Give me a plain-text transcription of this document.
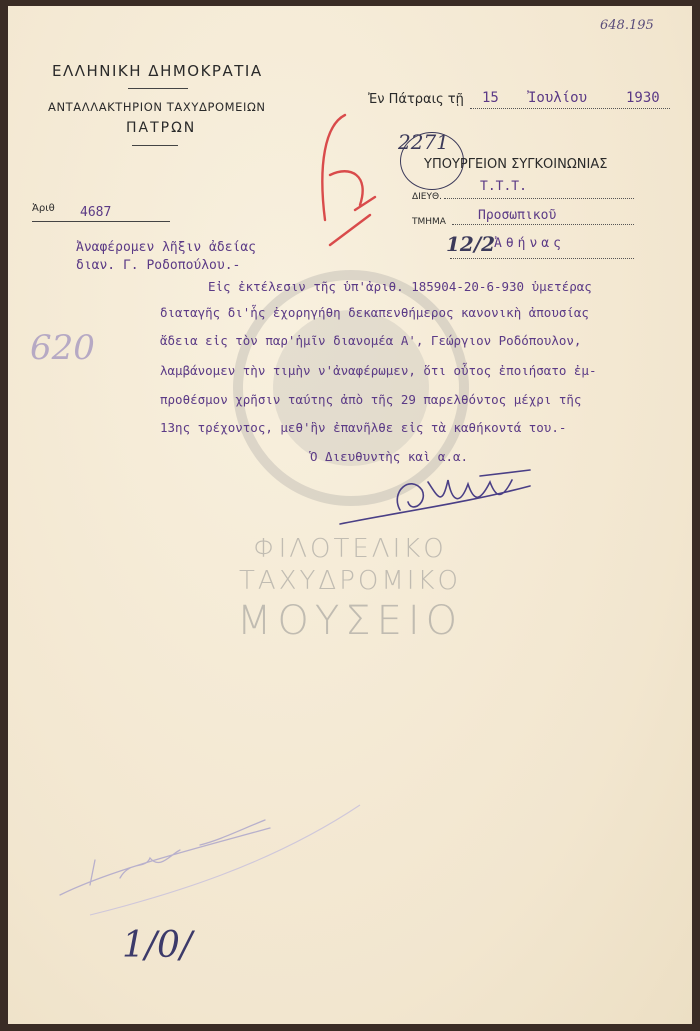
648.195
ΕΛΛΗΝΙΚΗ ΔΗΜΟΚΡΑΤΙΑ
ΑΝΤΑΛΛΑΚΤΗΡΙΟΝ ΤΑΧΥΔΡΟΜΕΙΩΝ
ΠΑΤΡΩΝ
Ἐν Πάτραις τῇ 15 Ἰουλίου	1930
2271
ΥΠΟΥΡΓΕΙΟΝ ΣΥΓΚΟΙΝΩΝΙΑΣ
ΔΙΕΥΘ.
Τ.Τ.Τ.
ΤΜΗΜΑ Προσωπικοῦ
12/2
Ἀθήνας
Ἀριθ 4687
620
Ἀναφέρομεν λῆξιν ἀδείας
διαν. Γ. Ροδοπούλου.-
Εἰς ἐκτέλεσιν τῆς ὑπ'ἀριθ. 185904-20-6-930 ὑμετέρας
διαταγῆς δι'ἧς ἐχορηγήθη δεκαπενθήμερος κανονικὴ ἀπουσίας
ἄδεια εἰς τὸν παρ'ἡμῖν διανομέα Α', Γεώργιον Ροδόπουλον,
λαμβάνομεν τὴν τιμὴν ν'ἀναφέρωμεν, ὅτι οὗτος ἐποιήσατο ἐμ-
προθέσμον χρῆσιν ταύτης ἀπὸ τῆς 29 παρελθόντος μέχρι τῆς
13ης τρέχοντος, μεθ'ἣν ἐπανῆλθε εἰς τὰ καθήκοντά του.-
Ὁ Διευθυντὴς καὶ α.α.
ΦΙΛΟΤΕΛΙΚΟ
ΤΑΧΥΔΡΟΜΙΚΟ
ΜΟΥΣΕΙΟ
1/0/
